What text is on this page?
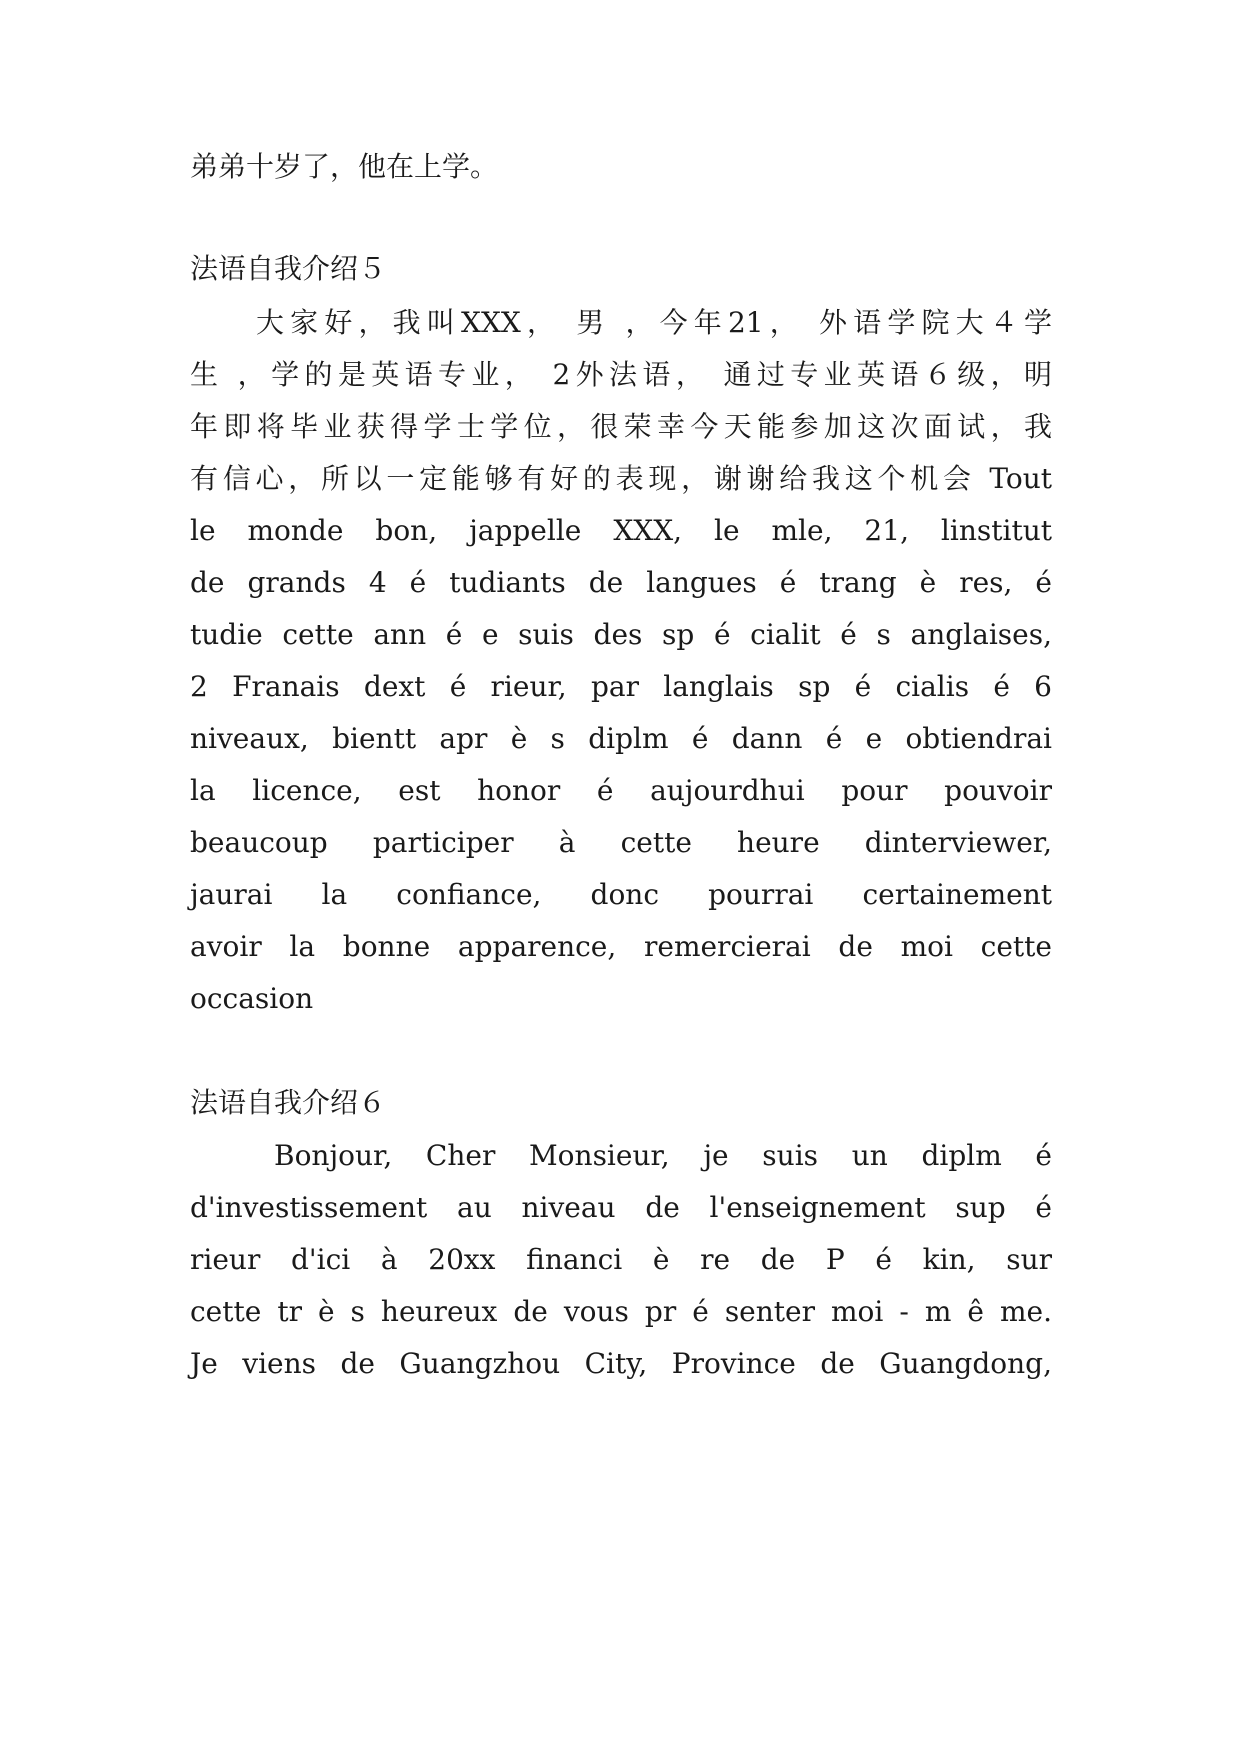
弟弟十岁了，他在上学。
法语自我介绍５
大家好，我叫XXX， 男 ，今年21， 外语学院大４学
生 ，学的是英语专业， 2外法语， 通过专业英语６级，明
年即将毕业获得学士学位，很荣幸今天能参加这次面试，我
有信心，所以一定能够有好的表现，谢谢给我这个机会 Tout
le monde bon, jappelle XXX, le mle, 21, linstitut
de grands 4 é tudiants de langues é trang è res, é
tudie cette ann é e suis des sp é cialit é s anglaises,
2 Franais dext é rieur, par langlais sp é cialis é 6
niveaux, bientt apr è s diplm é dann é e obtiendrai
la licence, est honor é aujourdhui pour pouvoir
beaucoup participer à cette heure dinterviewer,
jaurai la confiance, donc pourrai certainement
avoir la bonne apparence, remercierai de moi cette
occasion
法语自我介绍６
Bonjour, Cher Monsieur, je suis un diplm é
d'investissement au niveau de l'enseignement sup é
rieur d'ici à 20xx financi è re de P é kin, sur
cette tr è s heureux de vous pr é senter moi - m ê me.
Je viens de Guangzhou City, Province de Guangdong,
